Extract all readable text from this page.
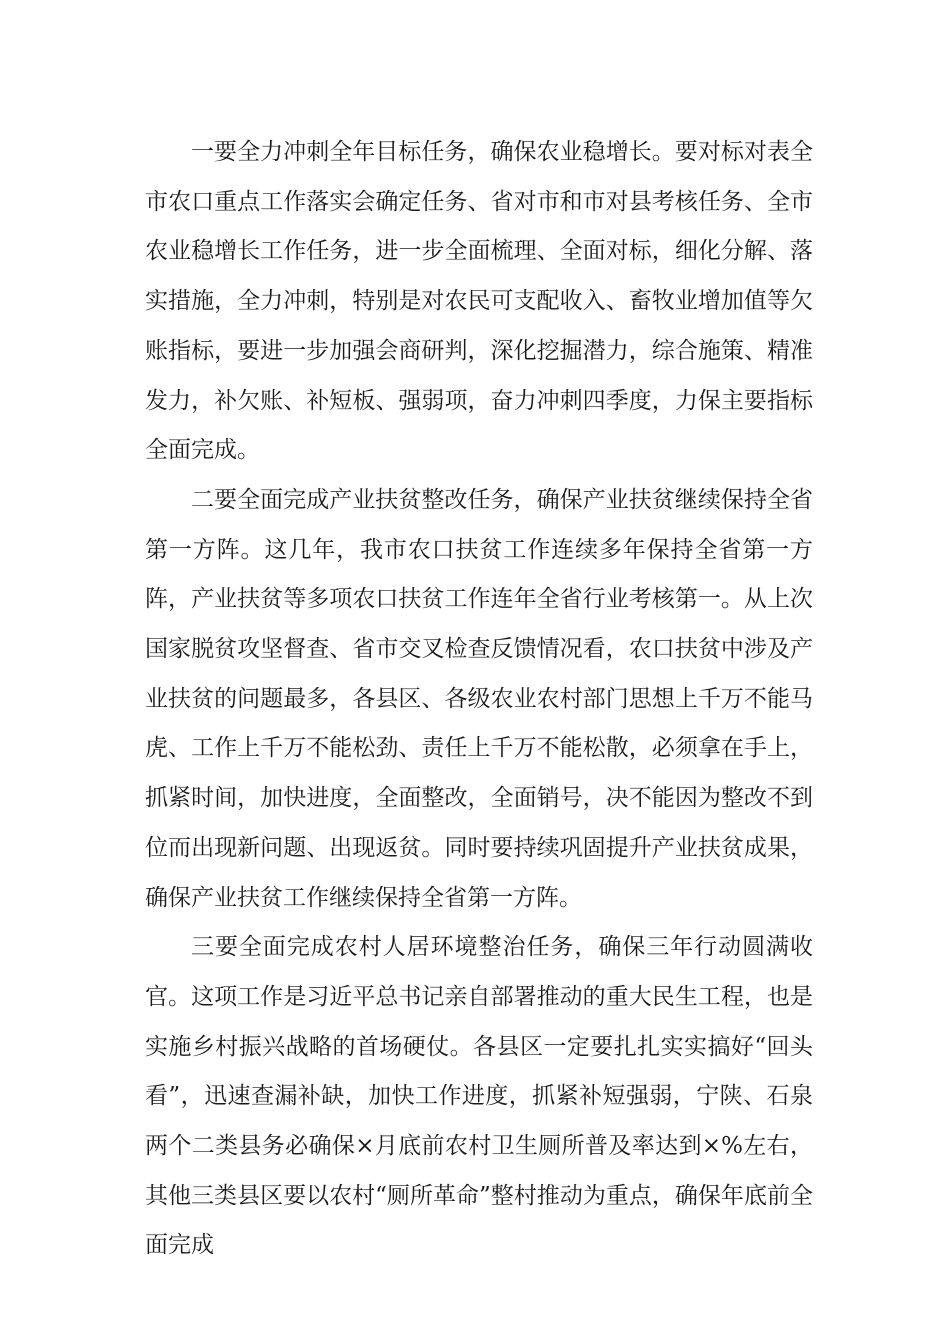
一要全力冲刺全年目标任务，确保农业稳增长。要对标对表全市农口重点工作落实会确定任务、省对市和市对县考核任务、全市农业稳增长工作任务，进一步全面梳理、全面对标，细化分解、落实措施，全力冲刺，特别是对农民可支配收入、畜牧业增加值等欠账指标，要进一步加强会商研判，深化挖掘潜力，综合施策、精准发力，补欠账、补短板、强弱项，奋力冲刺四季度，力保主要指标全面完成。

二要全面完成产业扶贫整改任务，确保产业扶贫继续保持全省第一方阵。这几年，我市农口扶贫工作连续多年保持全省第一方阵，产业扶贫等多项农口扶贫工作连年全省行业考核第一。从上次国家脱贫攻坚督查、省市交叉检查反馈情况看，农口扶贫中涉及产业扶贫的问题最多，各县区、各级农业农村部门思想上千万不能马虎、工作上千万不能松劲、责任上千万不能松散，必须拿在手上，抓紧时间，加快进度，全面整改，全面销号，决不能因为整改不到位而出现新问题、出现返贫。同时要持续巩固提升产业扶贫成果，确保产业扶贫工作继续保持全省第一方阵。

三要全面完成农村人居环境整治任务，确保三年行动圆满收官。这项工作是习近平总书记亲自部署推动的重大民生工程，也是实施乡村振兴战略的首场硬仗。各县区一定要扎扎实实搞好“回头看”，迅速查漏补缺，加快工作进度，抓紧补短强弱，宁陕、石泉两个二类县务必确保×月底前农村卫生厕所普及率达到×%左右，其他三类县区要以农村“厕所革命”整村推动为重点，确保年底前全面完成
